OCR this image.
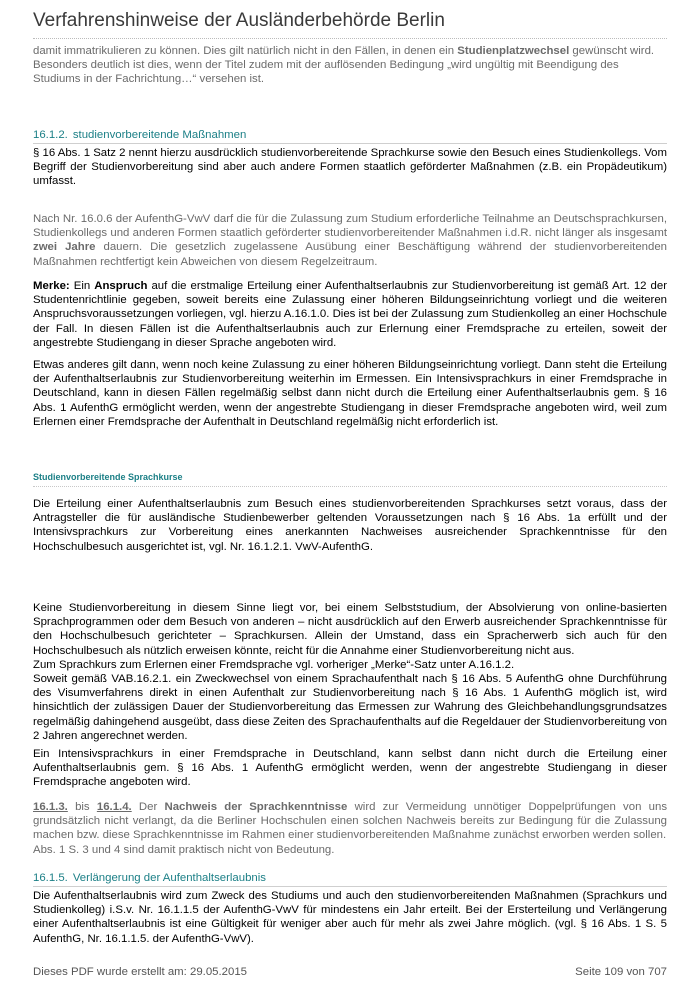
Verfahrenshinweise der Ausländerbehörde Berlin
damit immatrikulieren zu können. Dies gilt natürlich nicht in den Fällen, in denen ein Studienplatzwechsel gewünscht wird. Besonders deutlich ist dies, wenn der Titel zudem mit der auflösenden Bedingung „wird ungültig mit Beendigung des Studiums in der Fachrichtung…“ versehen ist.
16.1.2. studienvorbereitende Maßnahmen
§ 16 Abs. 1 Satz 2 nennt hierzu ausdrücklich studienvorbereitende Sprachkurse sowie den Besuch eines Studienkollegs. Vom Begriff der Studienvorbereitung sind aber auch andere Formen staatlich geförderter Maßnahmen (z.B. ein Propädeutikum) umfasst.
Nach Nr. 16.0.6 der AufenthG-VwV darf die für die Zulassung zum Studium erforderliche Teilnahme an Deutschsprachkursen, Studienkollegs und anderen Formen staatlich geförderter studienvorbereitender Maßnahmen i.d.R. nicht länger als insgesamt zwei Jahre dauern. Die gesetzlich zugelassene Ausübung einer Beschäftigung während der studienvorbereitenden Maßnahmen rechtfertigt kein Abweichen von diesem Regelzeitraum.
Merke: Ein Anspruch auf die erstmalige Erteilung einer Aufenthaltserlaubnis zur Studienvorbereitung ist gemäß Art. 12 der Studentenrichtlinie gegeben, soweit bereits eine Zulassung einer höheren Bildungseinrichtung vorliegt und die weiteren Anspruchsvoraussetzungen vorliegen, vgl. hierzu A.16.1.0. Dies ist bei der Zulassung zum Studienkolleg an einer Hochschule der Fall. In diesen Fällen ist die Aufenthaltserlaubnis auch zur Erlernung einer Fremdsprache zu erteilen, soweit der angestrebte Studiengang in dieser Sprache angeboten wird.
Etwas anderes gilt dann, wenn noch keine Zulassung zu einer höheren Bildungseinrichtung vorliegt. Dann steht die Erteilung der Aufenthaltserlaubnis zur Studienvorbereitung weiterhin im Ermessen. Ein Intensivsprachkurs in einer Fremdsprache in Deutschland, kann in diesen Fällen regelmäßig selbst dann nicht durch die Erteilung einer Aufenthaltserlaubnis gem. § 16 Abs. 1 AufenthG ermöglicht werden, wenn der angestrebte Studiengang in dieser Fremdsprache angeboten wird, weil zum Erlernen einer Fremdsprache der Aufenthalt in Deutschland regelmäßig nicht erforderlich ist.
Studienvorbereitende Sprachkurse
Die Erteilung einer Aufenthaltserlaubnis zum Besuch eines studienvorbereitenden Sprachkurses setzt voraus, dass der Antragsteller die für ausländische Studienbewerber geltenden Voraussetzungen nach § 16 Abs. 1a erfüllt und der Intensivsprachkurs zur Vorbereitung eines anerkannten Nachweises ausreichender Sprachkenntnisse für den Hochschulbesuch ausgerichtet ist, vgl. Nr. 16.1.2.1. VwV-AufenthG.
Keine Studienvorbereitung in diesem Sinne liegt vor, bei einem Selbststudium, der Absolvierung von online-basierten Sprachprogrammen oder dem Besuch von anderen – nicht ausdrücklich auf den Erwerb ausreichender Sprachkenntnisse für den Hochschulbesuch gerichteter – Sprachkursen. Allein der Umstand, dass ein Spracherwerb sich auch für den Hochschulbesuch als nützlich erweisen könnte, reicht für die Annahme einer Studienvorbereitung nicht aus.
Zum Sprachkurs zum Erlernen einer Fremdsprache vgl. vorheriger „Merke“-Satz unter A.16.1.2.
Soweit gemäß VAB.16.2.1. ein Zweckwechsel von einem Sprachaufenthalt nach § 16 Abs. 5 AufenthG ohne Durchführung des Visumverfahrens direkt in einen Aufenthalt zur Studienvorbereitung nach § 16 Abs. 1 AufenthG möglich ist, wird hinsichtlich der zulässigen Dauer der Studienvorbereitung das Ermessen zur Wahrung des Gleichbehandlungsgrundsatzes regelmäßig dahingehend ausgeübt, dass diese Zeiten des Sprachaufenthalts auf die Regeldauer der Studienvorbereitung von 2 Jahren angerechnet werden.
Ein Intensivsprachkurs in einer Fremdsprache in Deutschland, kann selbst dann nicht durch die Erteilung einer Aufenthaltserlaubnis gem. § 16 Abs. 1 AufenthG ermöglicht werden, wenn der angestrebte Studiengang in dieser Fremdsprache angeboten wird.
16.1.3. bis 16.1.4. Der Nachweis der Sprachkenntnisse wird zur Vermeidung unnötiger Doppelprüfungen von uns grundsätzlich nicht verlangt, da die Berliner Hochschulen einen solchen Nachweis bereits zur Bedingung für die Zulassung machen bzw. diese Sprachkenntnisse im Rahmen einer studienvorbereitenden Maßnahme zunächst erworben werden sollen.
Abs. 1 S. 3 und 4 sind damit praktisch nicht von Bedeutung.
16.1.5. Verlängerung der Aufenthaltserlaubnis
Die Aufenthaltserlaubnis wird zum Zweck des Studiums und auch den studienvorbereitenden Maßnahmen (Sprachkurs und Studienkolleg) i.S.v. Nr. 16.1.1.5 der AufenthG-VwV für mindestens ein Jahr erteilt. Bei der Ersterteilung und Verlängerung einer Aufenthaltserlaubnis ist eine Gültigkeit für weniger aber auch für mehr als zwei Jahre möglich. (vgl. § 16 Abs. 1 S. 5 AufenthG, Nr. 16.1.1.5. der AufenthG-VwV).
Dieses PDF wurde erstellt am: 29.05.2015	Seite 109 von 707
